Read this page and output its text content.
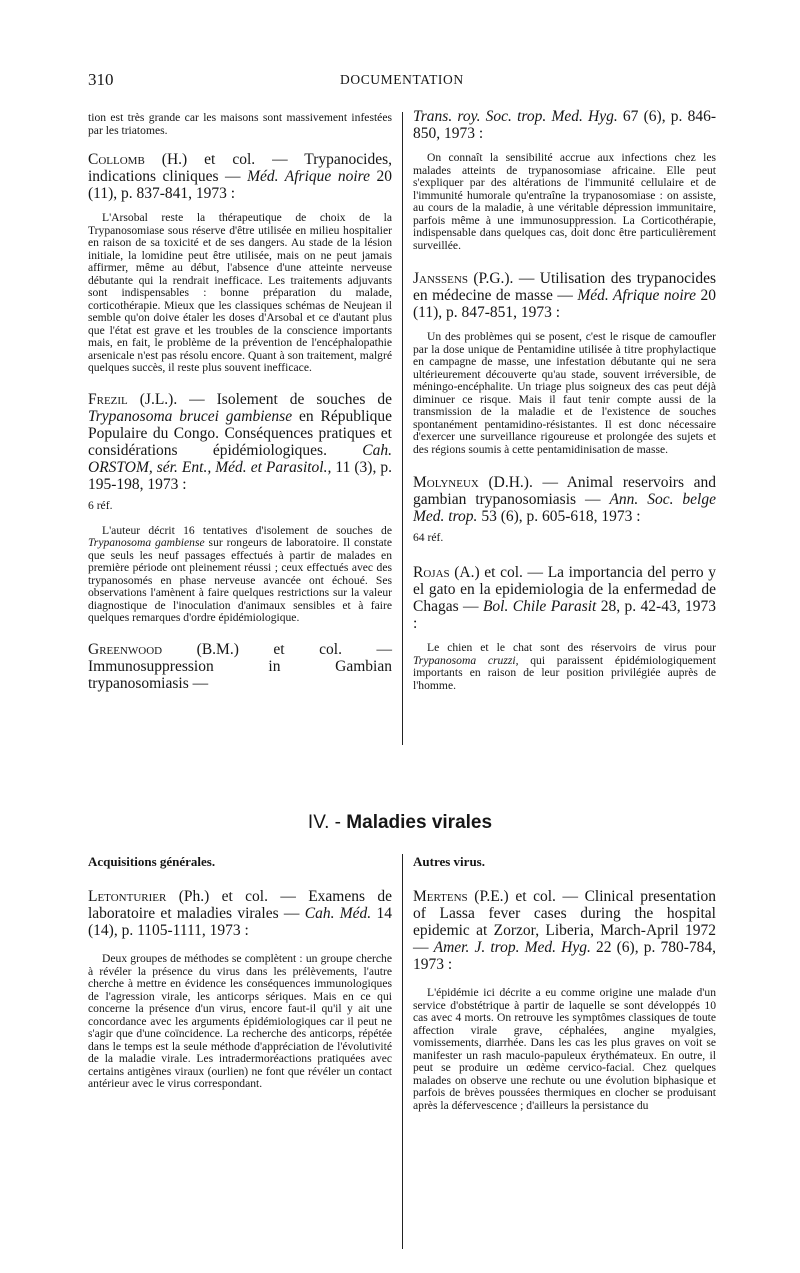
310	DOCUMENTATION

tion est très grande car les maisons sont massivement infestées par les triatomes.

Collomb (H.) et col. — Trypanocides, indications cliniques — Méd. Afrique noire 20 (11), p. 837-841, 1973 :

L'Arsobal reste la thérapeutique de choix de la Trypanosomiase sous réserve d'être utilisée en milieu hospitalier en raison de sa toxicité et de ses dangers. Au stade de la lésion initiale, la lomidine peut être utilisée, mais on ne peut jamais affirmer, même au début, l'absence d'une atteinte nerveuse débutante qui la rendrait inefficace. Les traitements adjuvants sont indispensables : bonne préparation du malade, corticothérapie. Mieux que les classiques schémas de Neujean il semble qu'on doive étaler les doses d'Arsobal et ce d'autant plus que l'état est grave et les troubles de la conscience importants mais, en fait, le problème de la prévention de l'encéphalopathie arsenicale n'est pas résolu encore. Quant à son traitement, malgré quelques succès, il reste plus souvent inefficace.

Frezil (J.L.). — Isolement de souches de Trypanosoma brucei gambiense en République Populaire du Congo. Conséquences pratiques et considérations épidémiologiques. Cah. ORSTOM, sér. Ent., Méd. et Parasitol., 11 (3), p. 195-198, 1973 :

6 réf.

L'auteur décrit 16 tentatives d'isolement de souches de Trypanosoma gambiense sur rongeurs de laboratoire. Il constate que seuls les neuf passages effectués à partir de malades en première période ont pleinement réussi ; ceux effectués avec des trypanosomés en phase nerveuse avancée ont échoué. Ses observations l'amènent à faire quelques restrictions sur la valeur diagnostique de l'inoculation d'animaux sensibles et à faire quelques remarques d'ordre épidémiologique.

Greenwood (B.M.) et col. — Immunosuppression in Gambian trypanosomiasis —

Trans. roy. Soc. trop. Med. Hyg. 67 (6), p. 846-850, 1973 :

On connaît la sensibilité accrue aux infections chez les malades atteints de trypanosomiase africaine. Elle peut s'expliquer par des altérations de l'immunité cellulaire et de l'immunité humorale qu'entraîne la trypanosomiase : on assiste, au cours de la maladie, à une véritable dépression immunitaire, parfois même à une immunosuppression. La Corticothérapie, indispensable dans quelques cas, doit donc être particulièrement surveillée.

Janssens (P.G.). — Utilisation des trypanocides en médecine de masse — Méd. Afrique noire 20 (11), p. 847-851, 1973 :

Un des problèmes qui se posent, c'est le risque de camoufler par la dose unique de Pentamidine utilisée à titre prophylactique en campagne de masse, une infestation débutante qui ne sera ultérieurement découverte qu'au stade, souvent irréversible, de méningo-encéphalite. Un triage plus soigneux des cas peut déjà diminuer ce risque. Mais il faut tenir compte aussi de la transmission de la maladie et de l'existence de souches spontanément pentamidino-résistantes. Il est donc nécessaire d'exercer une surveillance rigoureuse et prolongée des sujets et des régions soumis à cette pentamidinisation de masse.

Molyneux (D.H.). — Animal reservoirs and gambian trypanosomiasis — Ann. Soc. belge Med. trop. 53 (6), p. 605-618, 1973 :

64 réf.

Rojas (A.) et col. — La importancia del perro y el gato en la epidemiologia de la enfermedad de Chagas — Bol. Chile Parasit 28, p. 42-43, 1973 :

Le chien et le chat sont des réservoirs de virus pour Trypanosoma cruzzi, qui paraissent épidémiologiquement importants en raison de leur position privilégiée auprès de l'homme.

IV. - Maladies virales
Acquisitions générales.	Autres virus.

Letonturier (Ph.) et col. — Examens de laboratoire et maladies virales — Cah. Méd. 14 (14), p. 1105-1111, 1973 :

Deux groupes de méthodes se complètent : un groupe cherche à révéler la présence du virus dans les prélèvements, l'autre cherche à mettre en évidence les conséquences immunologiques de l'agression virale, les anticorps sériques. Mais en ce qui concerne la présence d'un virus, encore faut-il qu'il y ait une concordance avec les arguments épidémiologiques car il peut ne s'agir que d'une coïncidence. La recherche des anticorps, répétée dans le temps est la seule méthode d'appréciation de l'évolutivité de la maladie virale. Les intradermoréactions pratiquées avec certains antigènes viraux (ourlien) ne font que révéler un contact antérieur avec le virus correspondant.

Mertens (P.E.) et col. — Clinical presentation of Lassa fever cases during the hospital epidemic at Zorzor, Liberia, March-April 1972 — Amer. J. trop. Med. Hyg. 22 (6), p. 780-784, 1973 :

L'épidémie ici décrite a eu comme origine une malade d'un service d'obstétrique à partir de laquelle se sont développés 10 cas avec 4 morts. On retrouve les symptômes classiques de toute affection virale grave, céphalées, angine myalgies, vomissements, diarrhée. Dans les cas les plus graves on voit se manifester un rash maculo-papuleux érythémateux. En outre, il peut se produire un œdème cervico-facial. Chez quelques malades on observe une rechute ou une évolution biphasique et parfois de brèves poussées thermiques en clocher se produisant après la défervescence ; d'ailleurs la persistance du
